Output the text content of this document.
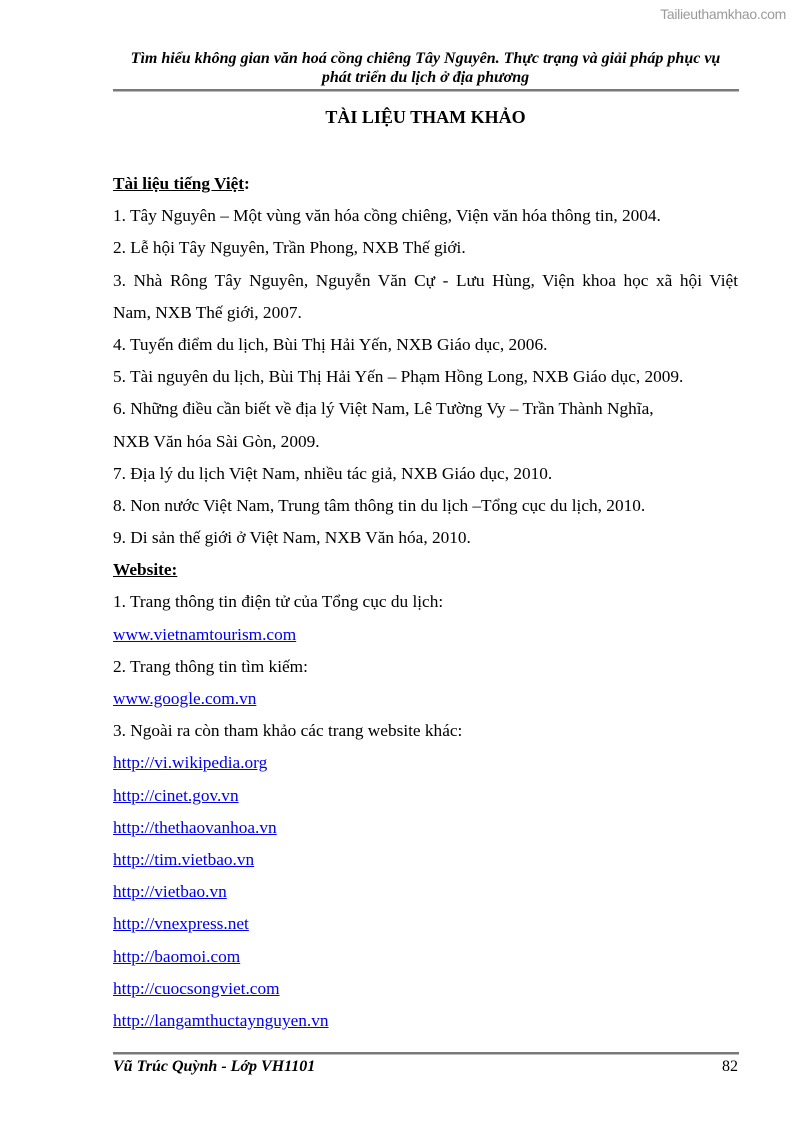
Tailieuthamkhao.com
Tìm hiểu không gian văn hoá cồng chiêng Tây Nguyên. Thực trạng và giải pháp phục vụ
phát triển du lịch ở địa phương
TÀI LIỆU THAM KHẢO
Tài liệu tiếng Việt:
1. Tây Nguyên – Một vùng văn hóa cồng chiêng, Viện văn hóa thông tin, 2004.
2. Lễ hội Tây Nguyên, Trần Phong, NXB Thế giới.
3. Nhà Rông Tây Nguyên, Nguyễn Văn Cự - Lưu Hùng, Viện khoa học xã hội Việt
Nam, NXB Thế giới, 2007.
4. Tuyến điểm du lịch, Bùi Thị Hải Yến, NXB Giáo dục, 2006.
5. Tài nguyên du lịch, Bùi Thị Hải Yến – Phạm Hồng Long, NXB Giáo dục, 2009.
6. Những điều cần biết về địa lý Việt Nam, Lê Tường Vy – Trần Thành Nghĩa,
NXB Văn hóa Sài Gòn, 2009.
7. Địa lý du lịch Việt Nam, nhiều tác giả, NXB Giáo dục, 2010.
8. Non nước Việt Nam, Trung tâm thông tin du lịch –Tổng cục du lịch, 2010.
9. Di sản thế giới ở Việt Nam, NXB Văn hóa, 2010.
Website:
1. Trang thông tin điện tử của Tổng cục du lịch:
www.vietnamtourism.com
2. Trang thông tin tìm kiếm:
www.google.com.vn
3. Ngoài ra còn tham khảo các trang website khác:
http://vi.wikipedia.org
http://cinet.gov.vn
http://thethaovanhoa.vn
http://tim.vietbao.vn
http://vietbao.vn
http://vnexpress.net
http://baomoi.com
http://cuocsongviet.com
http://langamthuctaynguyen.vn
Vũ Trúc Quỳnh - Lớp VH1101	82
